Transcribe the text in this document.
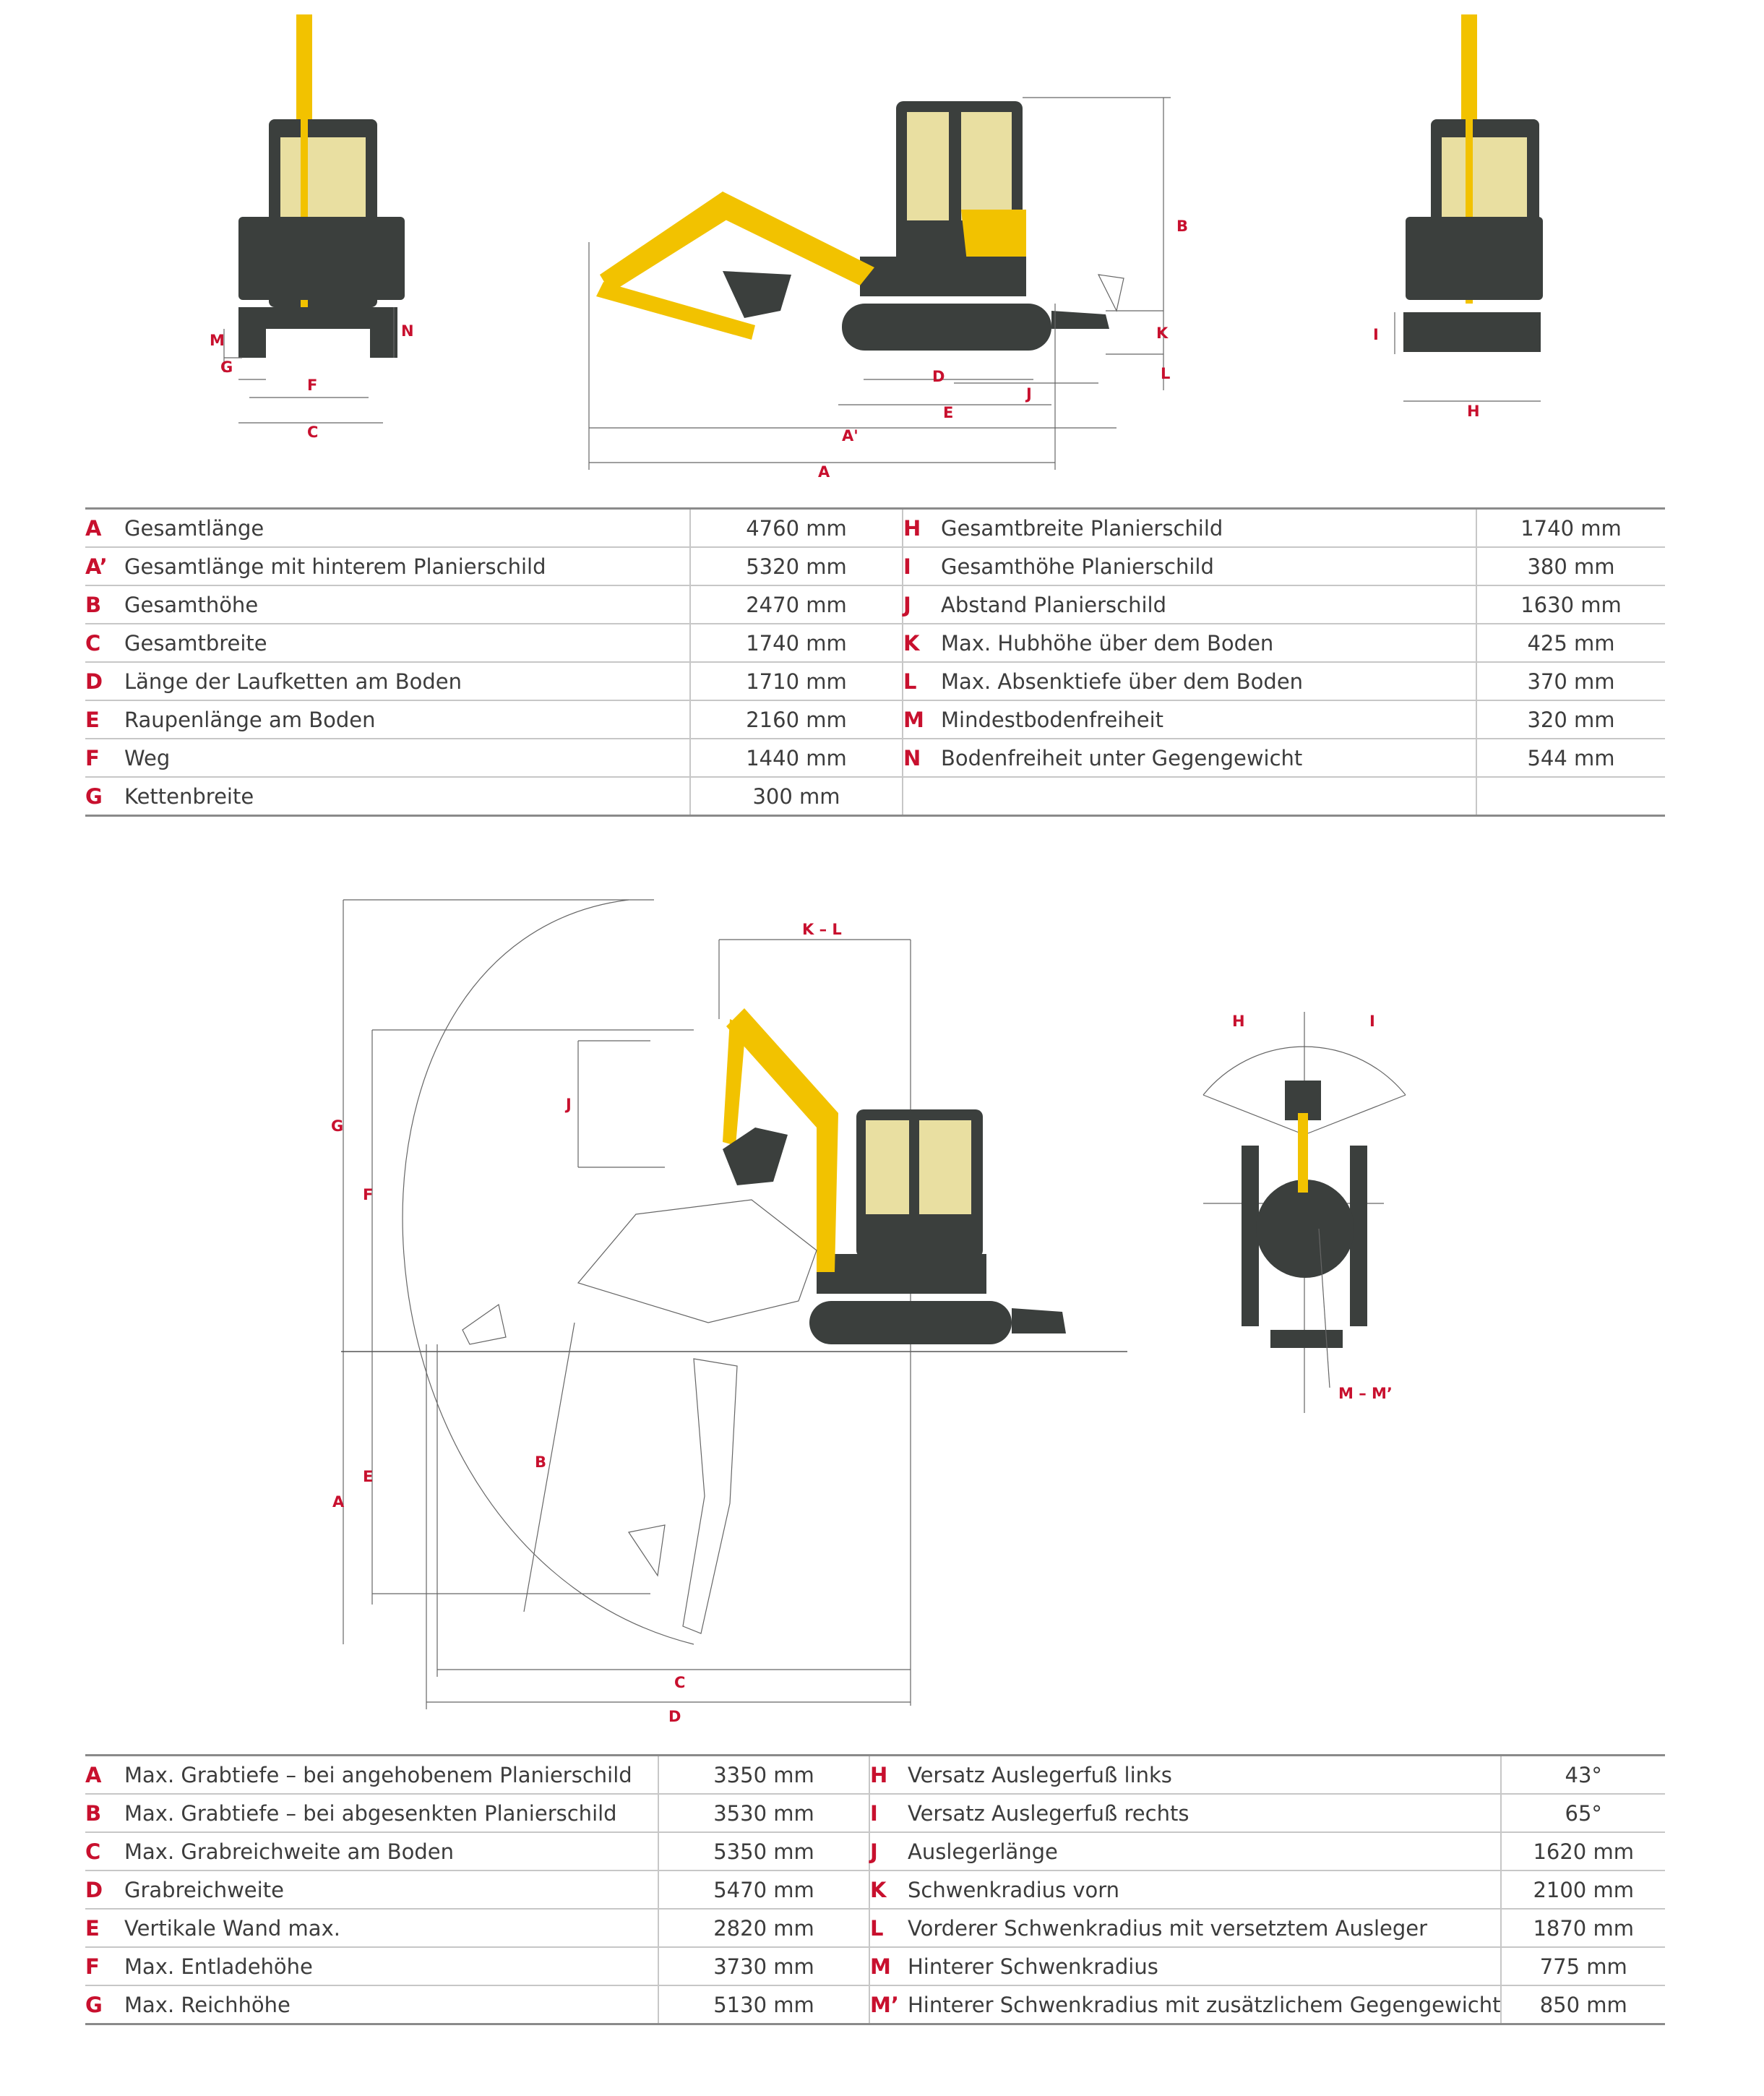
M
N
G
F
C
B
K
L
D
J
E
A'
A
I
H
A	Gesamtlänge	4760 mm	H	Gesamtbreite Planierschild	1740 mm
A’	Gesamtlänge mit hinterem Planierschild	5320 mm	I	Gesamthöhe Planierschild	380 mm
B	Gesamthöhe	2470 mm	J	Abstand Planierschild	1630 mm
C	Gesamtbreite	1740 mm	K	Max. Hubhöhe über dem Boden	425 mm
D	Länge der Laufketten am Boden	1710 mm	L	Max. Absenktiefe über dem Boden	370 mm
E	Raupenlänge am Boden	2160 mm	M	Mindestbodenfreiheit	320 mm
F	Weg	1440 mm	N	Bodenfreiheit unter Gegengewicht	544 mm
G	Kettenbreite	300 mm			
K – L
G
J
F
E
B
A
C
D
H	I
M – M’
A	Max. Grabtiefe – bei angehobenem Planierschild	3350 mm	H	Versatz Auslegerfuß links	43°
B	Max. Grabtiefe – bei abgesenkten Planierschild	3530 mm	I	Versatz Auslegerfuß rechts	65°
C	Max. Grabreichweite am Boden	5350 mm	J	Auslegerlänge	1620 mm
D	Grabreichweite	5470 mm	K	Schwenkradius vorn	2100 mm
E	Vertikale Wand max.	2820 mm	L	Vorderer Schwenkradius mit versetztem Ausleger	1870 mm
F	Max. Entladehöhe	3730 mm	M	Hinterer Schwenkradius	775 mm
G	Max. Reichhöhe	5130 mm	M’	Hinterer Schwenkradius mit zusätzlichem Gegengewicht	850 mm
